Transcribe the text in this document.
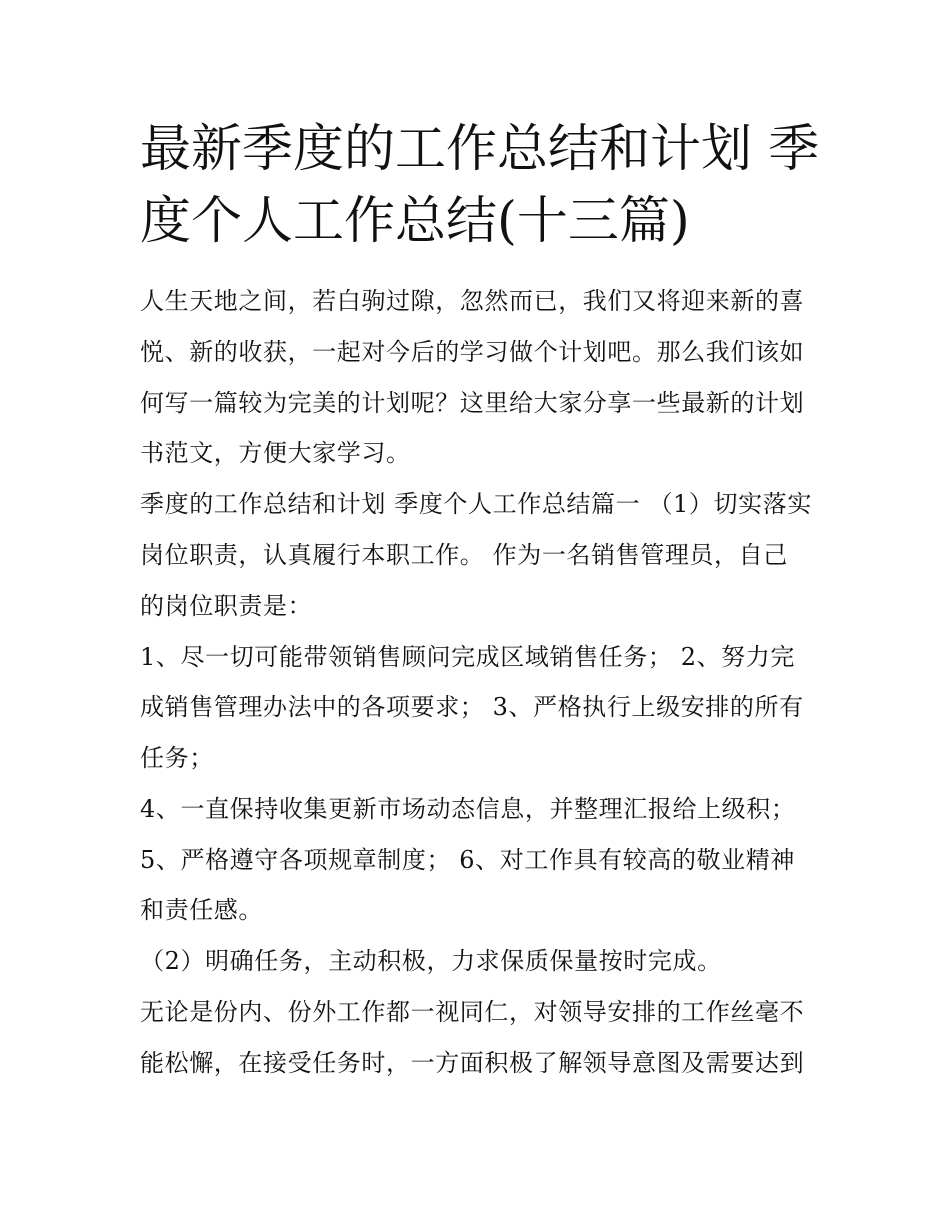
最新季度的工作总结和计划 季
度个人工作总结(十三篇)
人生天地之间，若白驹过隙，忽然而已，我们又将迎来新的喜
悦、新的收获，一起对今后的学习做个计划吧。那么我们该如
何写一篇较为完美的计划呢？这里给大家分享一些最新的计划
书范文，方便大家学习。
季度的工作总结和计划 季度个人工作总结篇一 （1）切实落实
岗位职责，认真履行本职工作。 作为一名销售管理员，自己
的岗位职责是：
1、尽一切可能带领销售顾问完成区域销售任务； 2、努力完
成销售管理办法中的各项要求； 3、严格执行上级安排的所有
任务；
4、一直保持收集更新市场动态信息，并整理汇报给上级积；
5、严格遵守各项规章制度； 6、对工作具有较高的敬业精神
和责任感。
（2）明确任务，主动积极，力求保质保量按时完成。
无论是份内、份外工作都一视同仁，对领导安排的工作丝毫不
能松懈，在接受任务时，一方面积极了解领导意图及需要达到
